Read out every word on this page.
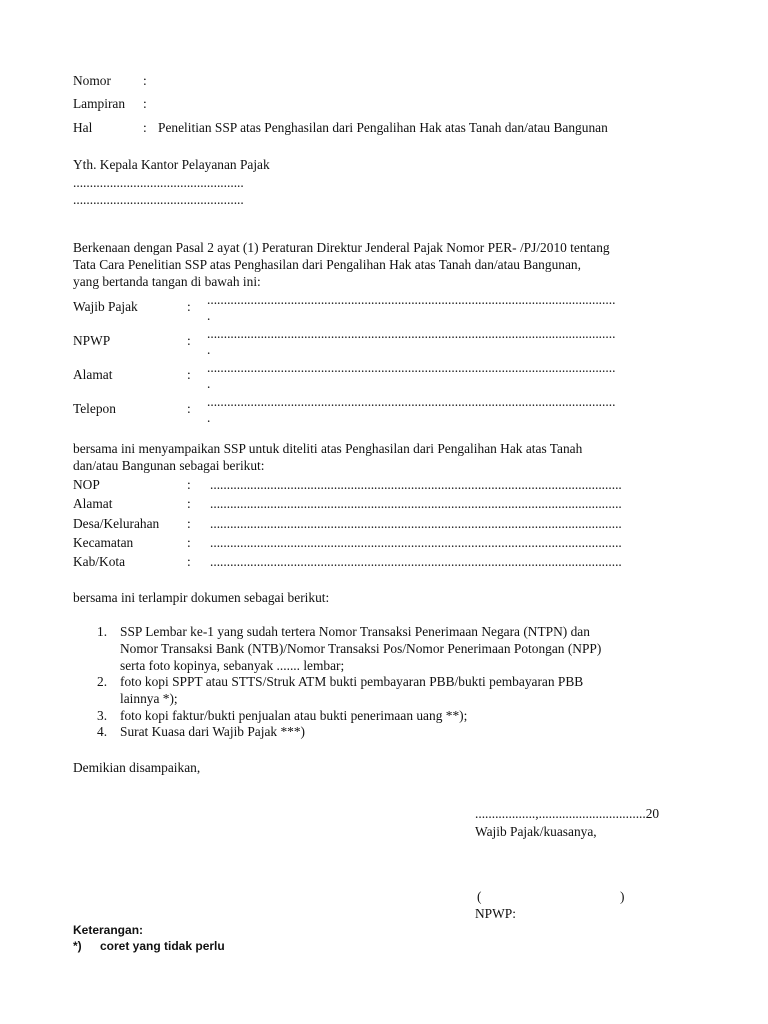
Nomor :
Lampiran :
Hal	: Penelitian SSP atas Penghasilan dari Pengalihan Hak atas Tanah dan/atau Bangunan
Yth. Kepala Kantor Pelayanan Pajak
...................................................
...................................................
Berkenaan dengan Pasal 2 ayat (1) Peraturan Direktur Jenderal Pajak Nomor PER- /PJ/2010 tentang
Tata Cara Penelitian SSP atas Penghasilan dari Pengalihan Hak atas Tanah dan/atau Bangunan,
yang bertanda tangan di bawah ini:
Wajib Pajak	: ..........................................................................................................................
.
NPWP	: ..........................................................................................................................
.
Alamat	: ..........................................................................................................................
.
Telepon	: ..........................................................................................................................
.
bersama ini menyampaikan SSP untuk diteliti atas Penghasilan dari Pengalihan Hak atas Tanah
dan/atau Bangunan sebagai berikut:
NOP	: ...........................................................................................................................
Alamat	: ...........................................................................................................................
Desa/Kelurahan : ...........................................................................................................................
Kecamatan	: ...........................................................................................................................
Kab/Kota	: ...........................................................................................................................
bersama ini terlampir dokumen sebagai berikut:
1. SSP Lembar ke-1 yang sudah tertera Nomor Transaksi Penerimaan Negara (NTPN) dan
Nomor Transaksi Bank (NTB)/Nomor Transaksi Pos/Nomor Penerimaan Potongan (NPP)
serta foto kopinya, sebanyak ....... lembar;
2. foto kopi SPPT atau STTS/Struk ATM bukti pembayaran PBB/bukti pembayaran PBB
lainnya *);
3. foto kopi faktur/bukti penjualan atau bukti penerimaan uang **);
4. Surat Kuasa dari Wajib Pajak ***)
Demikian disampaikan,
..................,................................20
Wajib Pajak/kuasanya,
(	)
NPWP:
Keterangan:
*) coret yang tidak perlu
